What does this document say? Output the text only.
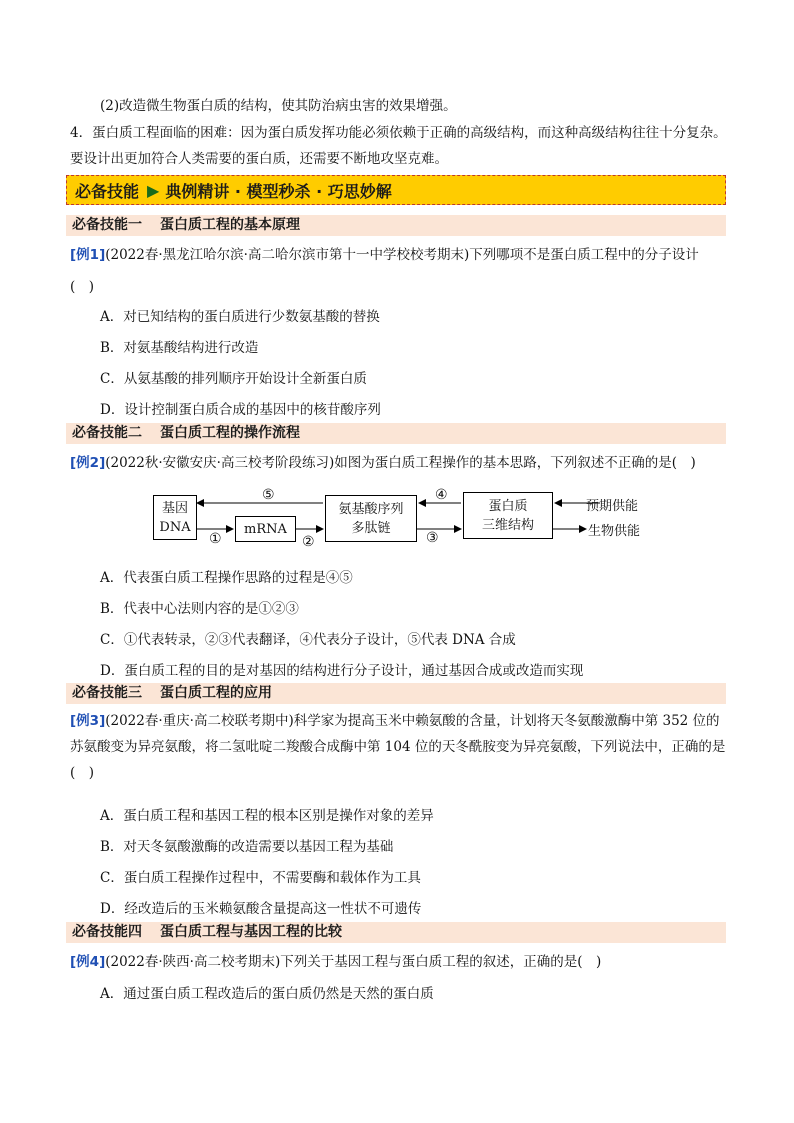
(2)改造微生物蛋白质的结构，使其防治病虫害的效果增强。
4．蛋白质工程面临的困难：因为蛋白质发挥功能必须依赖于正确的高级结构，而这种高级结构往往十分复杂。要设计出更加符合人类需要的蛋白质，还需要不断地攻坚克难。
必备技能 ▶ 典例精讲 · 模型秒杀 · 巧思妙解
必备技能一 蛋白质工程的基本原理
[例1](2022春·黑龙江哈尔滨·高二哈尔滨市第十一中学校校考期末)下列哪项不是蛋白质工程中的分子设计
(　)
A．对已知结构的蛋白质进行少数氨基酸的替换
B．对氨基酸结构进行改造
C．从氨基酸的排列顺序开始设计全新蛋白质
D．设计控制蛋白质合成的基因中的核苷酸序列
必备技能二 蛋白质工程的操作流程
[例2](2022秋·安徽安庆·高三校考阶段练习)如图为蛋白质工程操作的基本思路，下列叙述不正确的是(　)
基因
DNA	mRNA
氨基酸序列
多肽链
蛋白质
三维结构
⑤	④
①	②	③
预期供能
生物供能
A．代表蛋白质工程操作思路的过程是④⑤
B．代表中心法则内容的是①②③
C．①代表转录，②③代表翻译，④代表分子设计，⑤代表 DNA 合成
D．蛋白质工程的目的是对基因的结构进行分子设计，通过基因合成或改造而实现
必备技能三 蛋白质工程的应用
[例3](2022春·重庆·高二校联考期中)科学家为提高玉米中赖氨酸的含量，计划将天冬氨酸激酶中第 352 位的苏氨酸变为异亮氨酸，将二氢吡啶二羧酸合成酶中第 104 位的天冬酰胺变为异亮氨酸，下列说法中，正确的是(　)
A．蛋白质工程和基因工程的根本区别是操作对象的差异
B．对天冬氨酸激酶的改造需要以基因工程为基础
C．蛋白质工程操作过程中，不需要酶和载体作为工具
D．经改造后的玉米赖氨酸含量提高这一性状不可遗传
必备技能四 蛋白质工程与基因工程的比较
[例4](2022春·陕西·高二校考期末)下列关于基因工程与蛋白质工程的叙述，正确的是(　)
A．通过蛋白质工程改造后的蛋白质仍然是天然的蛋白质
